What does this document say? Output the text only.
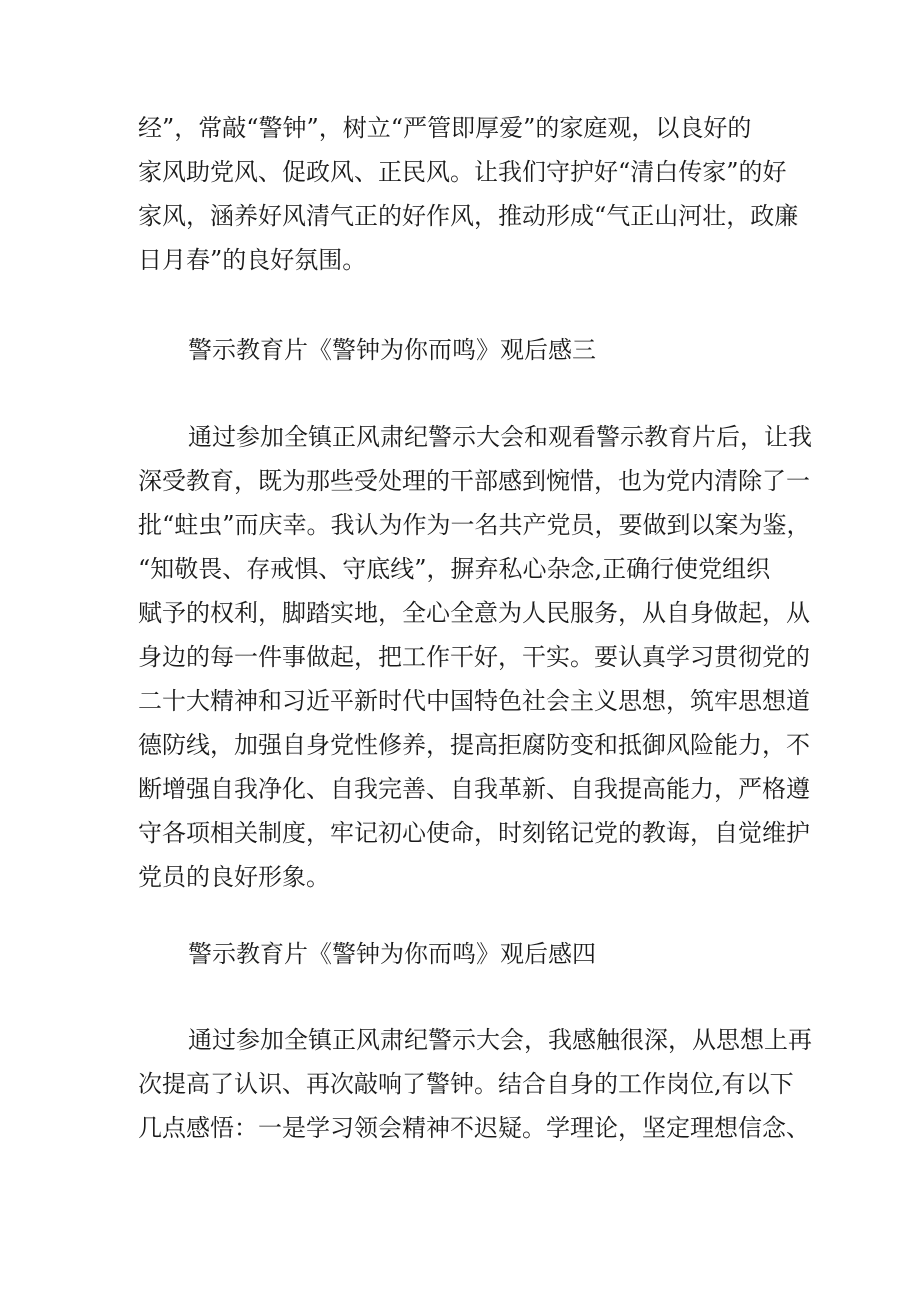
经”，常敲“警钟”，树立“严管即厚爱”的家庭观，以良好的
家风助党风、促政风、正民风。让我们守护好“清白传家”的好
家风，涵养好风清气正的好作风，推动形成“气正山河壮，政廉
日月春”的良好氛围。
警示教育片《警钟为你而鸣》观后感三
通过参加全镇正风肃纪警示大会和观看警示教育片后，让我
深受教育，既为那些受处理的干部感到惋惜，也为党内清除了一
批“蛀虫”而庆幸。我认为作为一名共产党员，要做到以案为鉴，
“知敬畏、存戒惧、守底线”，摒弃私心杂念,正确行使党组织
赋予的权利，脚踏实地，全心全意为人民服务，从自身做起，从
身边的每一件事做起，把工作干好，干实。要认真学习贯彻党的
二十大精神和习近平新时代中国特色社会主义思想，筑牢思想道
德防线，加强自身党性修养，提高拒腐防变和抵御风险能力，不
断增强自我净化、自我完善、自我革新、自我提高能力，严格遵
守各项相关制度，牢记初心使命，时刻铭记党的教诲，自觉维护
党员的良好形象。
警示教育片《警钟为你而鸣》观后感四
通过参加全镇正风肃纪警示大会，我感触很深，从思想上再
次提高了认识、再次敲响了警钟。结合自身的工作岗位,有以下
几点感悟：一是学习领会精神不迟疑。学理论，坚定理想信念、
